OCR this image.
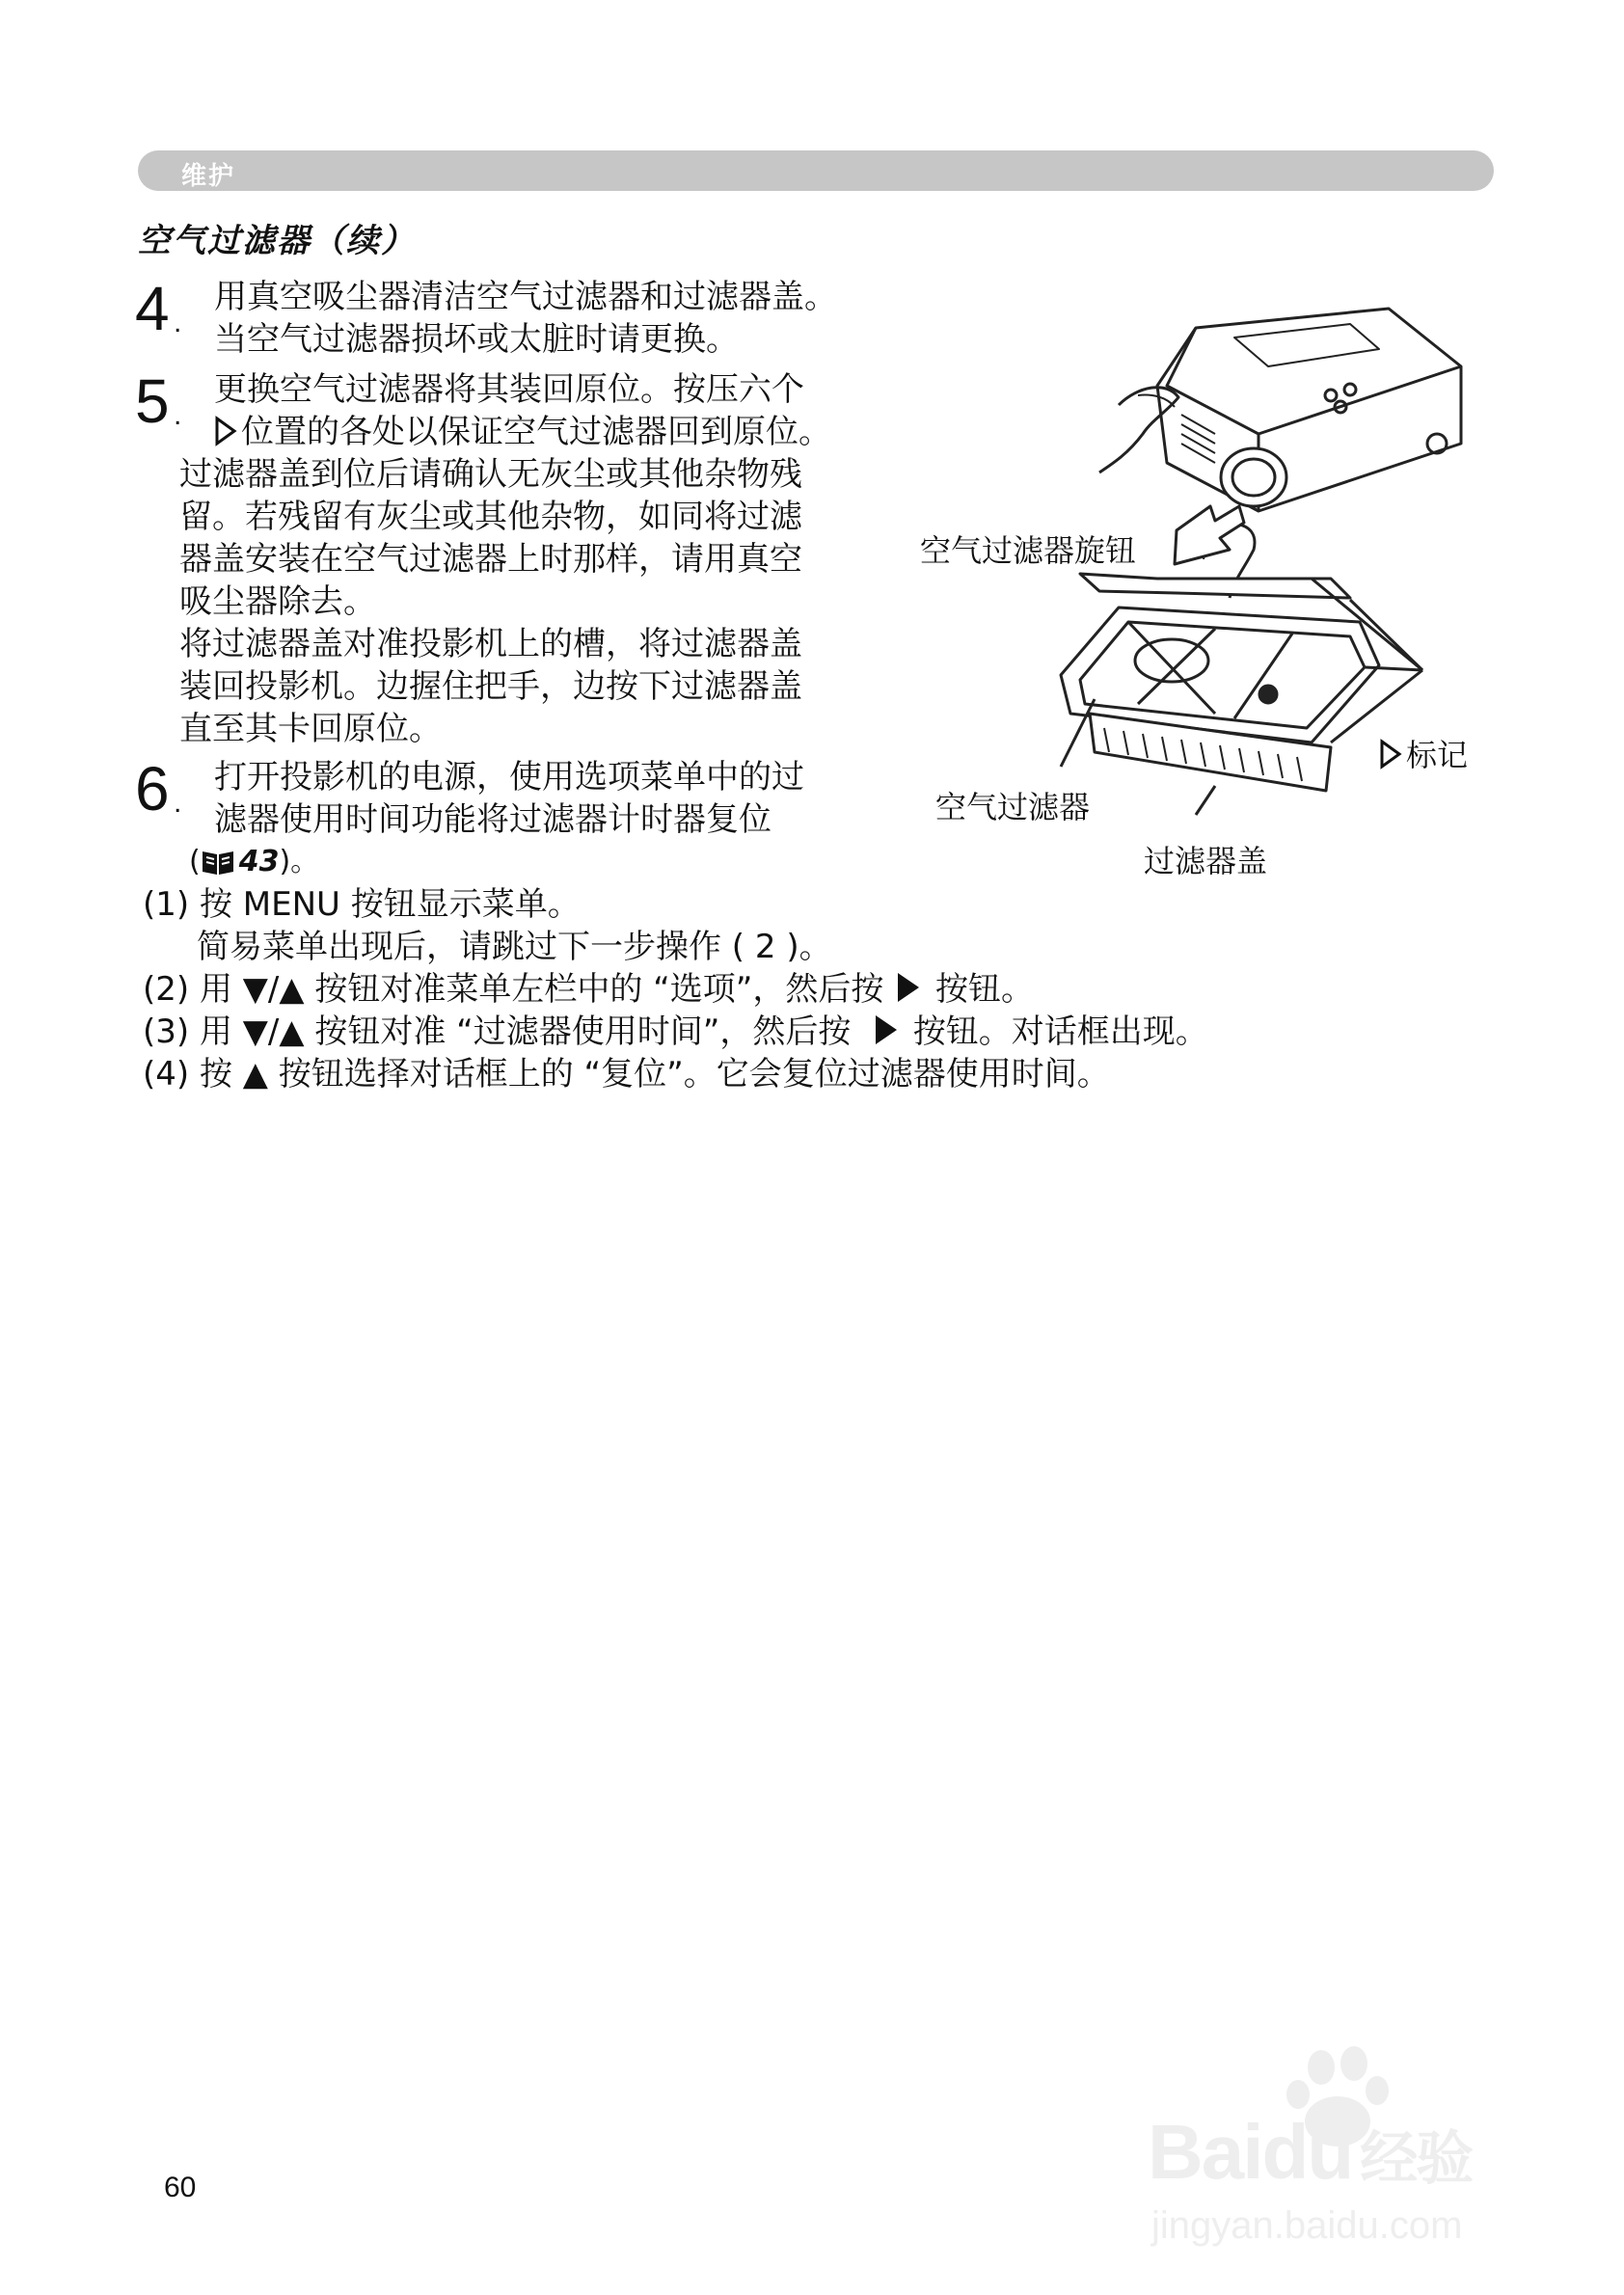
维护
空气过滤器（续）
4 .
用真空吸尘器清洁空气过滤器和过滤器盖。
当空气过滤器损坏或太脏时请更换。
5 .
更换空气过滤器将其装回原位。按压六个
位置的各处以保证空气过滤器回到原位。
过滤器盖到位后请确认无灰尘或其他杂物残
留。若残留有灰尘或其他杂物，如同将过滤
器盖安装在空气过滤器上时那样，请用真空
吸尘器除去。
将过滤器盖对准投影机上的槽，将过滤器盖
装回投影机。边握住把手，边按下过滤器盖
直至其卡回原位。
6 .
打开投影机的电源，使用选项菜单中的过
滤器使用时间功能将过滤器计时器复位
( 43)。
(1) 按 MENU 按钮显示菜单。
简易菜单出现后，请跳过下一步操作 ( 2 )。
(2) 用 ▼/▲ 按钮对准菜单左栏中的 “选项”，然后按 按钮。
(3) 用 ▼/▲ 按钮对准 “过滤器使用时间”，然后按 按钮。对话框出现。
(4) 按 ▲ 按钮选择对话框上的 “复位”。它会复位过滤器使用时间。
空气过滤器旋钮
空气过滤器
过滤器盖
标记
60	Baidu 经验
jingyan.baidu.com
